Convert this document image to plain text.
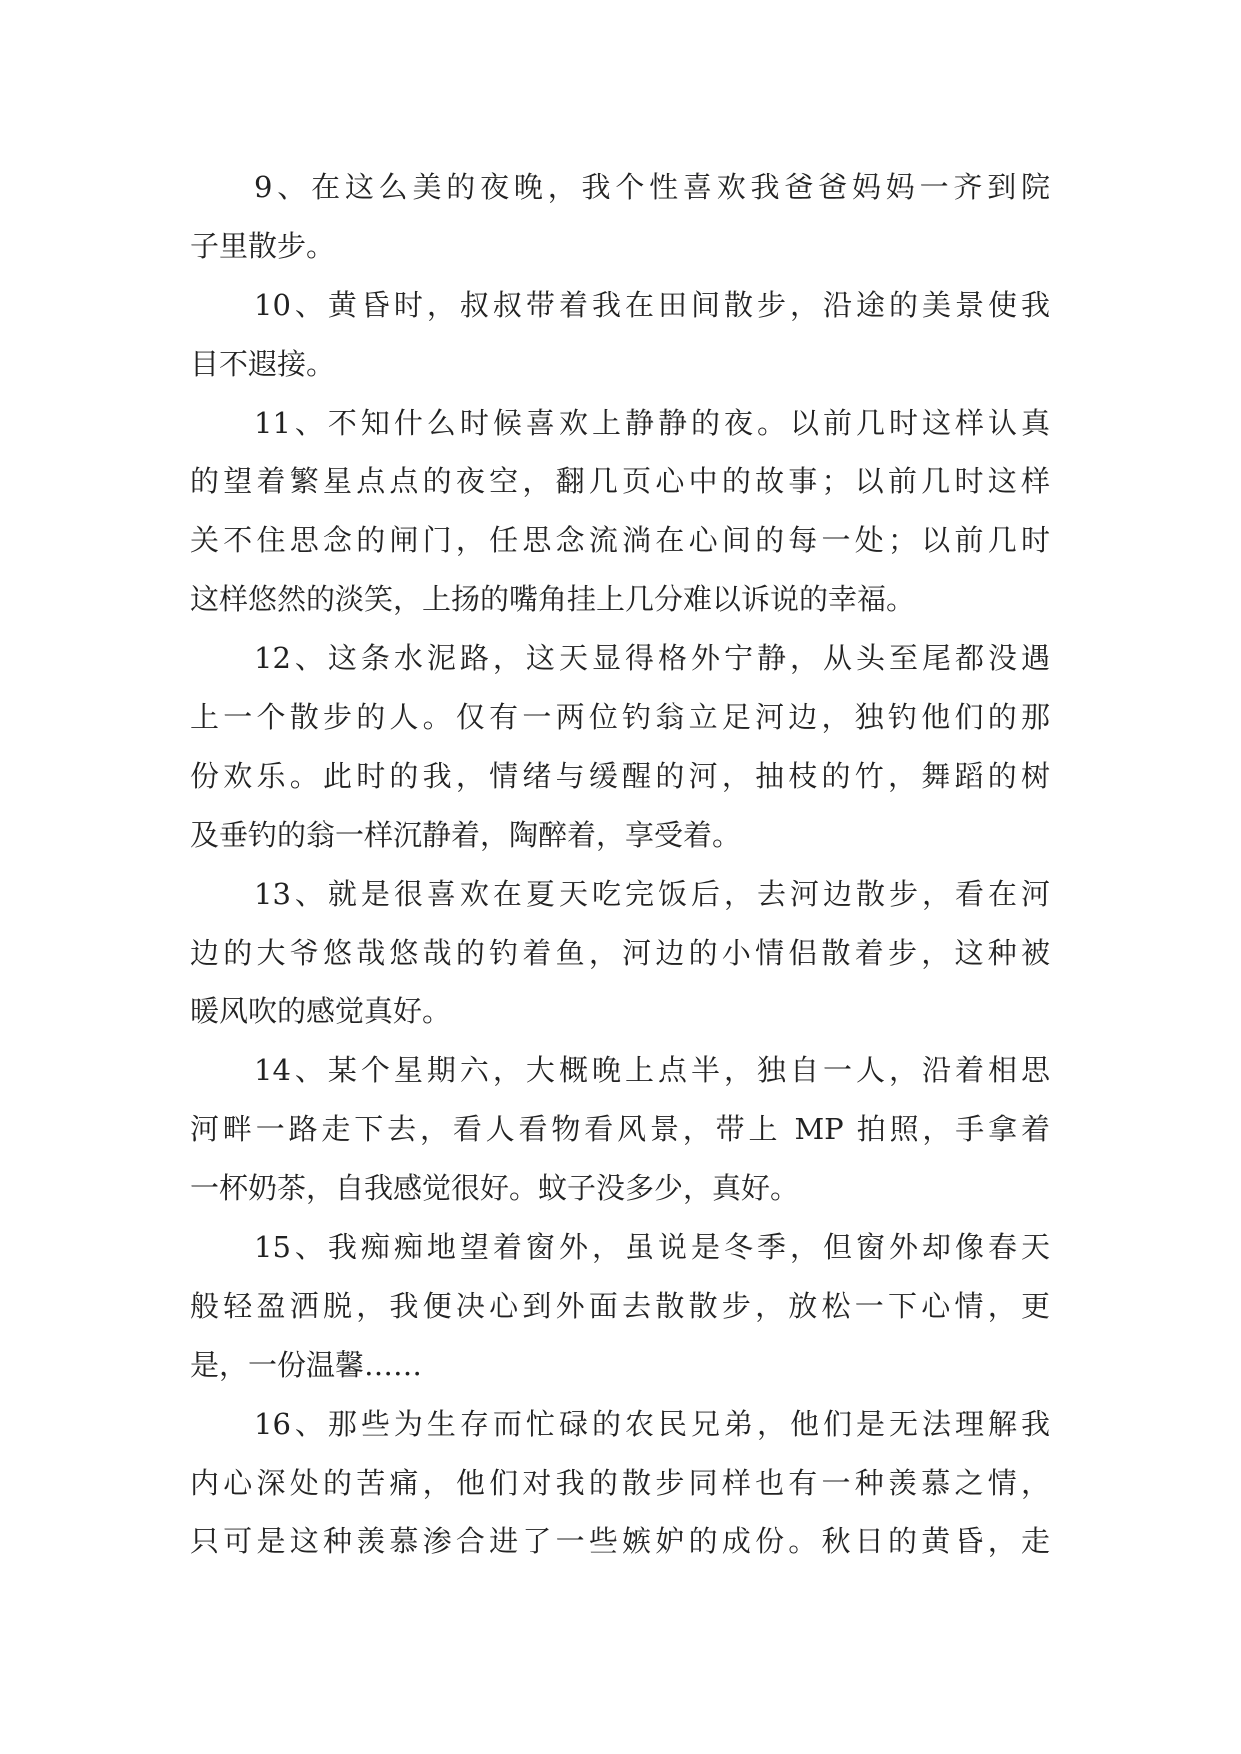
9、在这么美的夜晚，我个性喜欢我爸爸妈妈一齐到院
子里散步。
10、黄昏时，叔叔带着我在田间散步，沿途的美景使我
目不遐接。
11、不知什么时候喜欢上静静的夜。以前几时这样认真
的望着繁星点点的夜空，翻几页心中的故事；以前几时这样
关不住思念的闸门，任思念流淌在心间的每一处；以前几时
这样悠然的淡笑，上扬的嘴角挂上几分难以诉说的幸福。
12、这条水泥路，这天显得格外宁静，从头至尾都没遇
上一个散步的人。仅有一两位钓翁立足河边，独钓他们的那
份欢乐。此时的我，情绪与缓醒的河，抽枝的竹，舞蹈的树
及垂钓的翁一样沉静着，陶醉着，享受着。
13、就是很喜欢在夏天吃完饭后，去河边散步，看在河
边的大爷悠哉悠哉的钓着鱼，河边的小情侣散着步，这种被
暖风吹的感觉真好。
14、某个星期六，大概晚上点半，独自一人，沿着相思
河畔一路走下去，看人看物看风景，带上 MP 拍照，手拿着
一杯奶茶，自我感觉很好。蚊子没多少，真好。
15、我痴痴地望着窗外，虽说是冬季，但窗外却像春天
般轻盈洒脱，我便决心到外面去散散步，放松一下心情，更
是，一份温馨……
16、那些为生存而忙碌的农民兄弟，他们是无法理解我
内心深处的苦痛，他们对我的散步同样也有一种羡慕之情，
只可是这种羡慕渗合进了一些嫉妒的成份。秋日的黄昏，走
